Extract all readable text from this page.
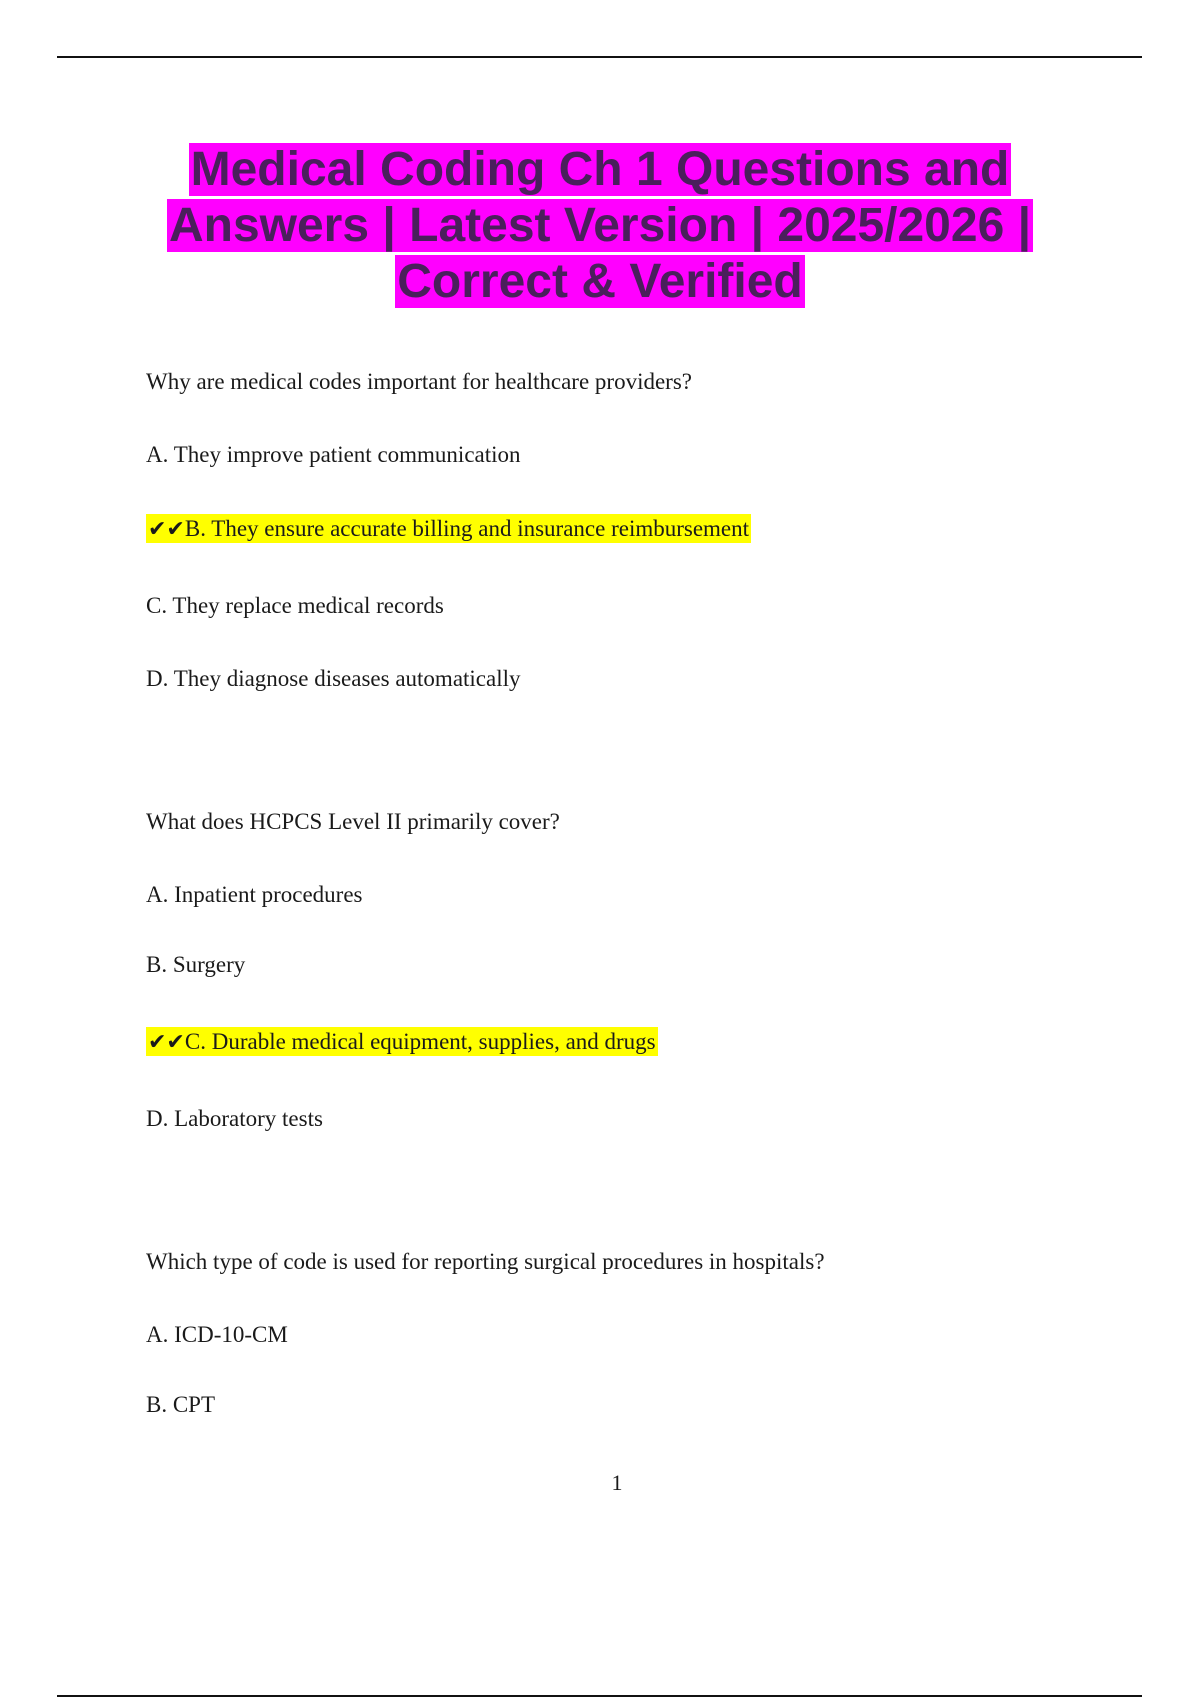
Medical Coding Ch 1 Questions and Answers | Latest Version | 2025/2026 | Correct & Verified
Why are medical codes important for healthcare providers?
A. They improve patient communication
✔✔B. They ensure accurate billing and insurance reimbursement
C. They replace medical records
D. They diagnose diseases automatically
What does HCPCS Level II primarily cover?
A. Inpatient procedures
B. Surgery
✔✔C. Durable medical equipment, supplies, and drugs
D. Laboratory tests
Which type of code is used for reporting surgical procedures in hospitals?
A. ICD-10-CM
B. CPT
1
